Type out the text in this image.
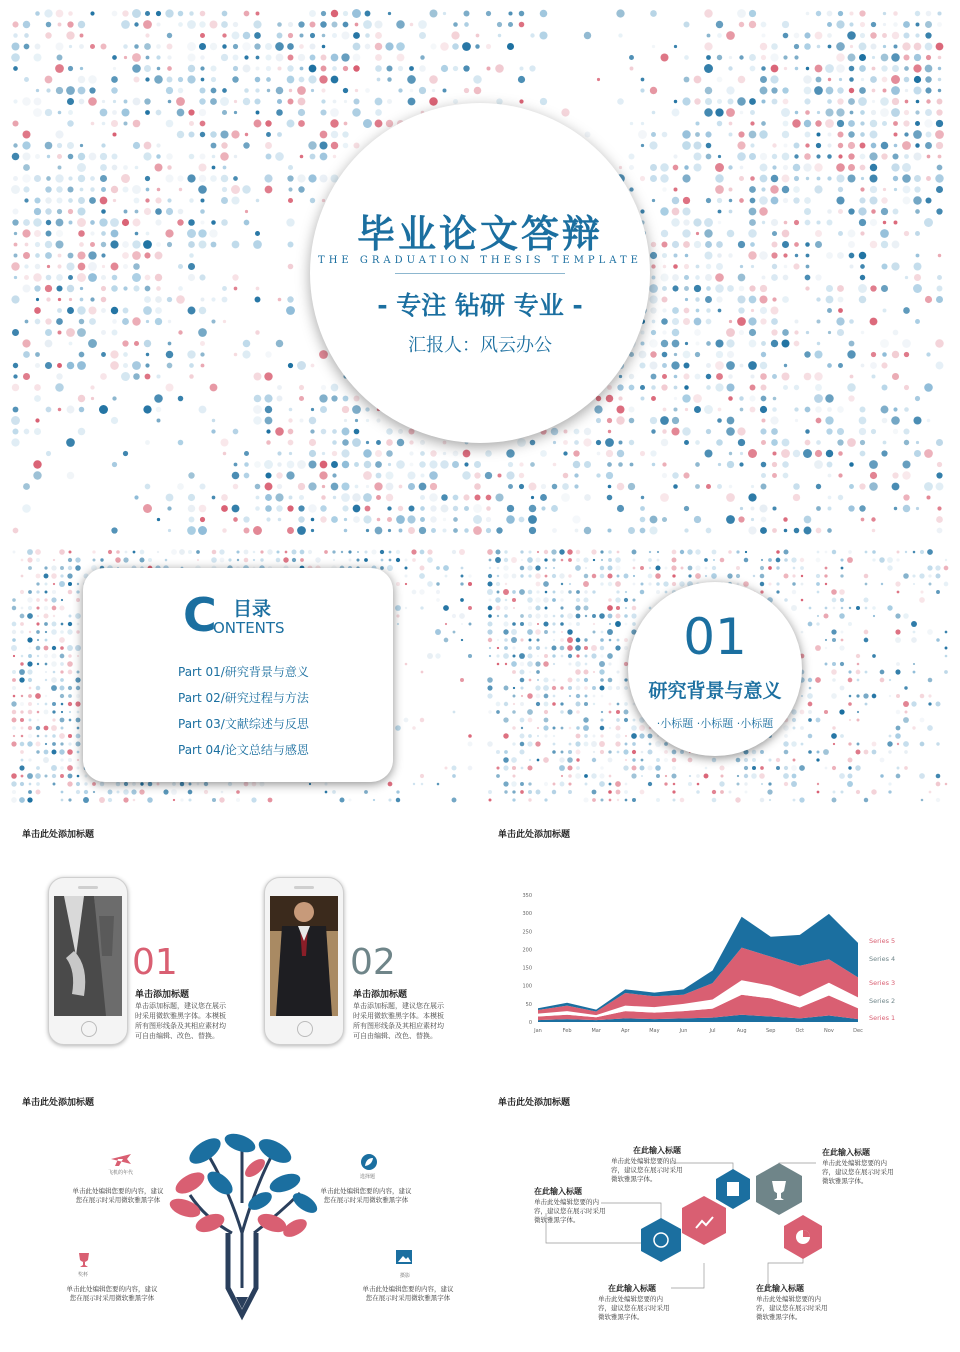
毕业论文答辩
THE GRADUATION THESIS TEMPLATE
- 专注 钻研 专业 -
汇报人：风云办公
C 目录
ONTENTS
Part 01/研究背景与意义
Part 02/研究过程与方法
Part 03/文献综述与反思
Part 04/论文总结与感恩
01
研究背景与意义
·小标题 ·小标题 ·小标题
单击此处添加标题
01
单击添加标题
单击添加标题，建议您在展示时采用微软雅黑字体。本模板所有图形线条及其相应素材均可自由编辑、改色、替换。
02
单击添加标题
单击添加标题，建议您在展示时采用微软雅黑字体。本模板所有图形线条及其相应素材均可自由编辑、改色、替换。
单击此处添加标题
0
50
100
150
200
250
300
350
Jan	Feb	Mar	Apr	May	Jun	Jul	Aug	Sep	Oct	Nov	Dec
Series 5
Series 4
Series 3
Series 2
Series 1
单击此处添加标题
飞机的年代
单击此处编辑您要的内容，建议您在展示时采用微软雅黑字体
选择题
单击此处编辑您要的内容，建议您在展示时采用微软雅黑字体
奖杯
单击此处编辑您要的内容，建议您在展示时采用微软雅黑字体
摄影
单击此处编辑您要的内容，建议您在展示时采用微软雅黑字体
单击此处添加标题
在此输入标题
单击此处编辑您要的内容，建议您在展示时采用微软雅黑字体。
在此输入标题
单击此处编辑您要的内容，建议您在展示时采用微软雅黑字体。
在此输入标题
单击此处编辑您要的内容，建议您在展示时采用微软雅黑字体。
在此输入标题
单击此处编辑您要的内容，建议您在展示时采用微软雅黑字体。
在此输入标题
单击此处编辑您要的内容，建议您在展示时采用微软雅黑字体。
